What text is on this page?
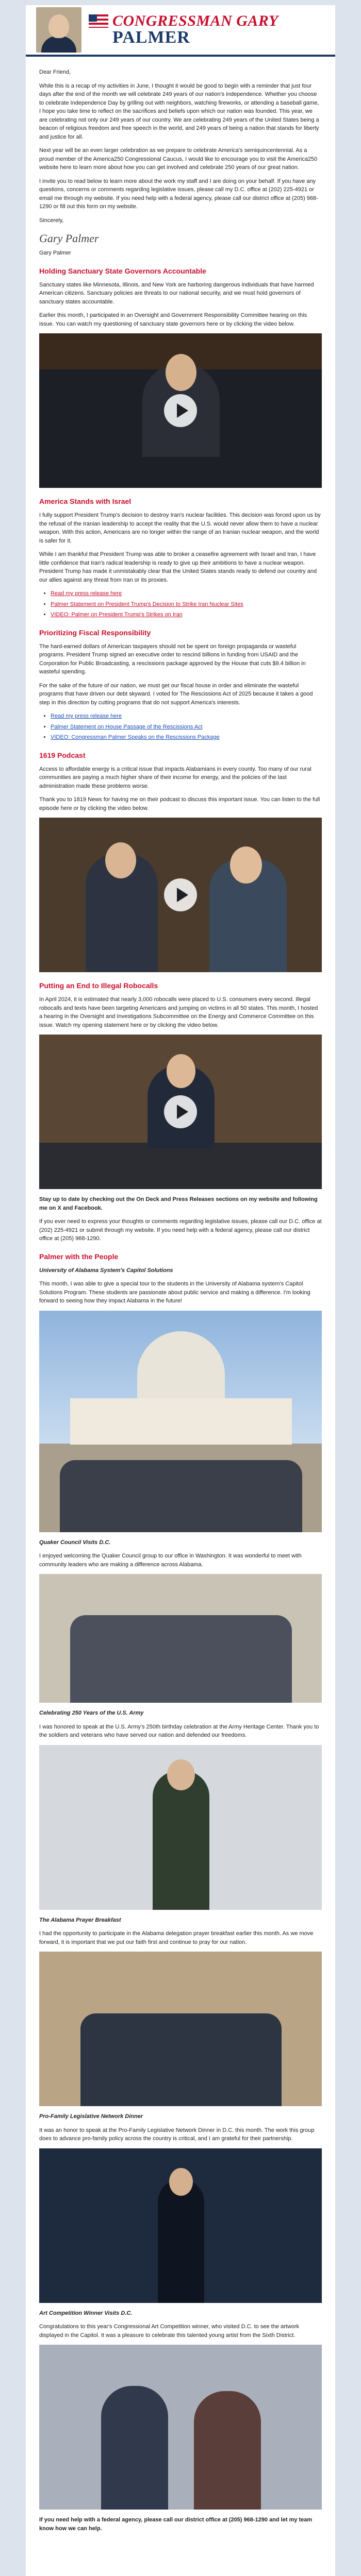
CONGRESSMAN GARY
PALMER

Dear Friend,

While this is a recap of my activities in June, I thought it would be good to begin with a reminder that just four days after the end of the month we will celebrate 249 years of our nation's independence. Whether you choose to celebrate Independence Day by grilling out with neighbors, watching fireworks, or attending a baseball game, I hope you take time to reflect on the sacrifices and beliefs upon which our nation was founded. This year, we are celebrating not only our 249 years of our country. We are celebrating 249 years of the United States being a beacon of religious freedom and free speech in the world, and 249 years of being a nation that stands for liberty and justice for all.

Next year will be an even larger celebration as we prepare to celebrate America's semiquincentennial. As a proud member of the America250 Congressional Caucus, I would like to encourage you to visit the America250 website here to learn more about how you can get involved and celebrate 250 years of our great nation.

I invite you to read below to learn more about the work my staff and I are doing on your behalf. If you have any questions, concerns or comments regarding legislative issues, please call my D.C. office at (202) 225-4921 or email me through my website. If you need help with a federal agency, please call our district office at (205) 968-1290 or fill out this form on my website.

Sincerely,

Gary Palmer

Gary Palmer

Holding Sanctuary State Governors Accountable

Sanctuary states like Minnesota, Illinois, and New York are harboring dangerous individuals that have harmed American citizens. Sanctuary policies are threats to our national security, and we must hold governors of sanctuary states accountable.

Earlier this month, I participated in an Oversight and Government Responsibility Committee hearing on this issue. You can watch my questioning of sanctuary state governors here or by clicking the video below.

America Stands with Israel

I fully support President Trump's decision to destroy Iran's nuclear facilities. This decision was forced upon us by the refusal of the Iranian leadership to accept the reality that the U.S. would never allow them to have a nuclear weapon. With this action, Americans are no longer within the range of an Iranian nuclear weapon, and the world is safer for it.

While I am thankful that President Trump was able to broker a ceasefire agreement with Israel and Iran, I have little confidence that Iran's radical leadership is ready to give up their ambitions to have a nuclear weapon. President Trump has made it unmistakably clear that the United States stands ready to defend our country and our allies against any threat from Iran or its proxies.

• Read my press release here
• Palmer Statement on President Trump's Decision to Strike Iran Nuclear Sites
• VIDEO: Palmer on President Trump's Strikes on Iran
Prioritizing Fiscal Responsibility

The hard-earned dollars of American taxpayers should not be spent on foreign propaganda or wasteful programs. President Trump signed an executive order to rescind billions in funding from USAID and the Corporation for Public Broadcasting, a rescissions package approved by the House that cuts $9.4 billion in wasteful spending.

For the sake of the future of our nation, we must get our fiscal house in order and eliminate the wasteful programs that have driven our debt skyward. I voted for The Rescissions Act of 2025 because it takes a good step in this direction by cutting programs that do not support America's interests.

• Read my press release here
• Palmer Statement on House Passage of the Rescissions Act
• VIDEO: Congressman Palmer Speaks on the Rescissions Package
1619 Podcast

Access to affordable energy is a critical issue that impacts Alabamians in every county. Too many of our rural communities are paying a much higher share of their income for energy, and the policies of the last administration made these problems worse.

Thank you to 1819 News for having me on their podcast to discuss this important issue. You can listen to the full episode here or by clicking the video below.

Putting an End to Illegal Robocalls

In April 2024, it is estimated that nearly 3,000 robocalls were placed to U.S. consumers every second. Illegal robocalls and texts have been targeting Americans and jumping on victims in all 50 states. This month, I hosted a hearing in the Oversight and Investigations Subcommittee on the Energy and Commerce Committee on this issue. Watch my opening statement here or by clicking the video below.

Stay up to date by checking out the On Deck and Press Releases sections on my website and following me on X and Facebook.

If you ever need to express your thoughts or comments regarding legislative issues, please call our D.C. office at (202) 225-4921 or submit through my website. If you need help with a federal agency, please call our district office at (205) 968-1290.

Palmer with the People

University of Alabama System's Capitol Solutions

This month, I was able to give a special tour to the students in the University of Alabama system's Capitol Solutions Program. These students are passionate about public service and making a difference. I'm looking forward to seeing how they impact Alabama in the future!

Quaker Council Visits D.C.

I enjoyed welcoming the Quaker Council group to our office in Washington. It was wonderful to meet with community leaders who are making a difference across Alabama.

Celebrating 250 Years of the U.S. Army

I was honored to speak at the U.S. Army's 250th birthday celebration at the Army Heritage Center. Thank you to the soldiers and veterans who have served our nation and defended our freedoms.

The Alabama Prayer Breakfast

I had the opportunity to participate in the Alabama delegation prayer breakfast earlier this month. As we move forward, it is important that we put our faith first and continue to pray for our nation.

Pro-Family Legislative Network Dinner

It was an honor to speak at the Pro-Family Legislative Network Dinner in D.C. this month. The work this group does to advance pro-family policy across the country is critical, and I am grateful for their partnership.

Art Competition Winner Visits D.C.

Congratulations to this year's Congressional Art Competition winner, who visited D.C. to see the artwork displayed in the Capitol. It was a pleasure to celebrate this talented young artist from the Sixth District.

If you need help with a federal agency, please call our district office at (205) 968-1290 and let my team know how we can help.
